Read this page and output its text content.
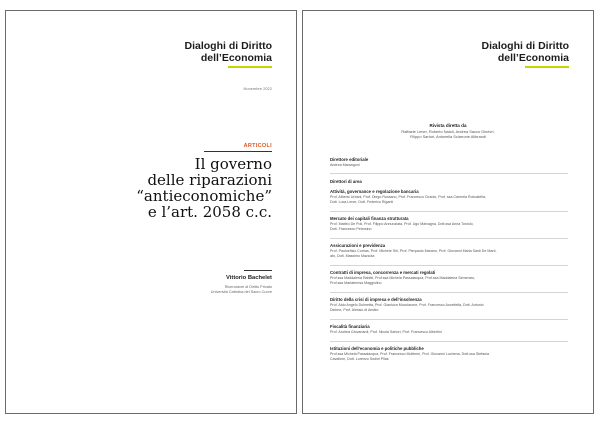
Dialoghi di Diritto
dell’Economia
Novembre 2022
ARTICOLI
Il governo
delle riparazioni
“antieconomiche”
e l’art. 2058 c.c.
Vittorio Bachelet
Ricercatore di Diritto Privato
Università Cattolica del Sacro Cuore
Dialoghi di Diritto
dell’Economia
Rivista diretta da
Raffaele Lener, Roberto Natoli, Andrea Sacco Ginevri,
Filippo Sartori, Antonella Sciarrone Alibrandi
Direttore editoriale
Andrea Marangoni
Direttori di area
Attività, governance e regolazione bancaria
Prof. Alberto Urbani, Prof. Diego Rossano, Prof. Francesco Ciraolo, Prof. ssa Carmela Robustella,
Dott. Luca Lener, Dott. Federico Riganti
Mercato dei capitali finanza strutturata
Prof. Matteo De Poli, Prof. Filippo Annunziata, Prof. Ugo Malvagna, Dott.ssa Anna Toniolo,
Dott. Francesco Petrosino
Assicurazioni e previdenza
Prof. Paoloefisio Corrias, Prof. Michele Siri, Prof. Pierpaolo Marano, Prof. Giovanni Maria Santi De Marti-
ato, Dott. Massimo Mazzola
Contratti di impresa, concorrenza e mercati regolati
Prof.ssa Maddalena Rabitti, Prof.ssa Michela Passalacqua, Prof.ssa Maddalena Semeraro,
Prof.ssa Mariateresa Maggiolino
Diritto della crisi di impresa e dell’insolvenza
Prof. Aldo Angelo Dolmetta, Prof. Gianluca Mucciarone, Prof. Francesco Accettella, Dott. Antonio
Didone, Prof. Alessio di Amato
Fiscalità finanziaria
Prof. Andrea Giovanardi, Prof. Nicola Sartori, Prof. Francesco Albertini
Istituzioni dell’economia e politiche pubbliche
Prof.ssa Michela Passalacqua, Prof. Francesco Moliterni, Prof. Giovanni Luchena, Dott.ssa Stefania
Cavaliere, Dott. Lorenzo Sodini Pilas
